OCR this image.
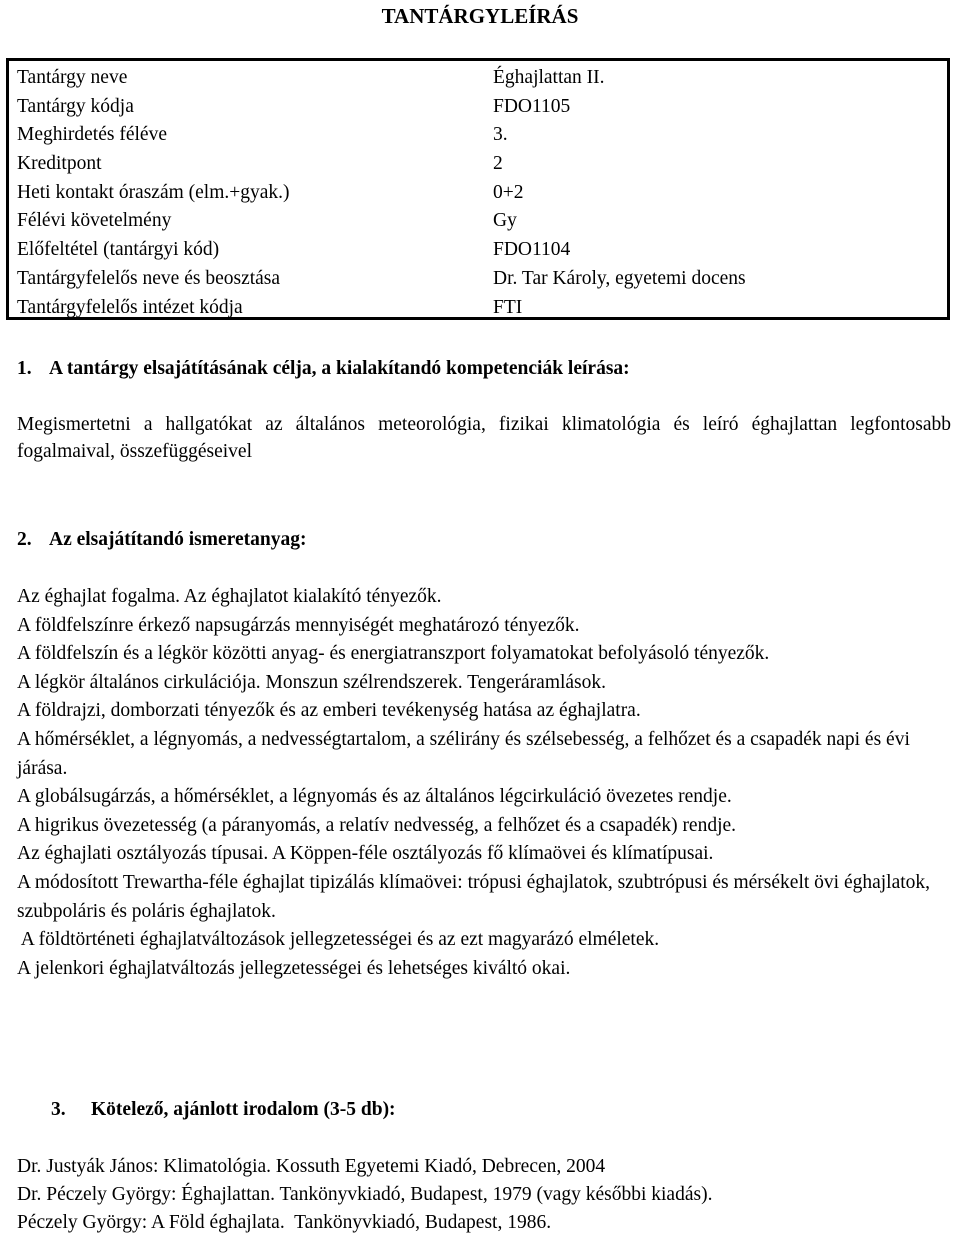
TANTÁRGYLEÍRÁS
Tantárgy neve	Éghajlattan II.
Tantárgy kódja	FDO1105
Meghirdetés féléve	3.
Kreditpont	2
Heti kontakt óraszám (elm.+gyak.)	0+2
Félévi követelmény	Gy
Előfeltétel (tantárgyi kód)	FDO1104
Tantárgyfelelős neve és beosztása	Dr. Tar Károly, egyetemi docens
Tantárgyfelelős intézet kódja	FTI
1. A tantárgy elsajátításának célja, a kialakítandó kompetenciák leírása:

Megismertetni a hallgatókat az általános meteorológia, fizikai klimatológia és leíró éghajlattan legfontosabb fogalmaival, összefüggéseivel

2. Az elsajátítandó ismeretanyag:
Az éghajlat fogalma. Az éghajlatot kialakító tényezők.
A földfelszínre érkező napsugárzás mennyiségét meghatározó tényezők.
A földfelszín és a légkör közötti anyag- és energiatranszport folyamatokat befolyásoló tényezők.
A légkör általános cirkulációja. Monszun szélrendszerek. Tengeráramlások.
A földrajzi, domborzati tényezők és az emberi tevékenység hatása az éghajlatra.
A hőmérséklet, a légnyomás, a nedvességtartalom, a szélirány és szélsebesség, a felhőzet és a csapadék napi és évi járása.
A globálsugárzás, a hőmérséklet, a légnyomás és az általános légcirkuláció övezetes rendje.
A higrikus övezetesség (a páranyomás, a relatív nedvesség, a felhőzet és a csapadék) rendje.
Az éghajlati osztályozás típusai. A Köppen-féle osztályozás fő klímaövei és klímatípusai.
A módosított Trewartha-féle éghajlat tipizálás klímaövei: trópusi éghajlatok, szubtrópusi és mérsékelt övi éghajlatok, szubpoláris és poláris éghajlatok.
A földtörténeti éghajlatváltozások jellegzetességei és az ezt magyarázó elméletek.
A jelenkori éghajlatváltozás jellegzetességei és lehetséges kiváltó okai.
3. Kötelező, ajánlott irodalom (3-5 db):
Dr. Justyák János: Klimatológia. Kossuth Egyetemi Kiadó, Debrecen, 2004
Dr. Péczely György: Éghajlattan. Tankönyvkiadó, Budapest, 1979 (vagy későbbi kiadás).
Péczely György: A Föld éghajlata.  Tankönyvkiadó, Budapest, 1986.
